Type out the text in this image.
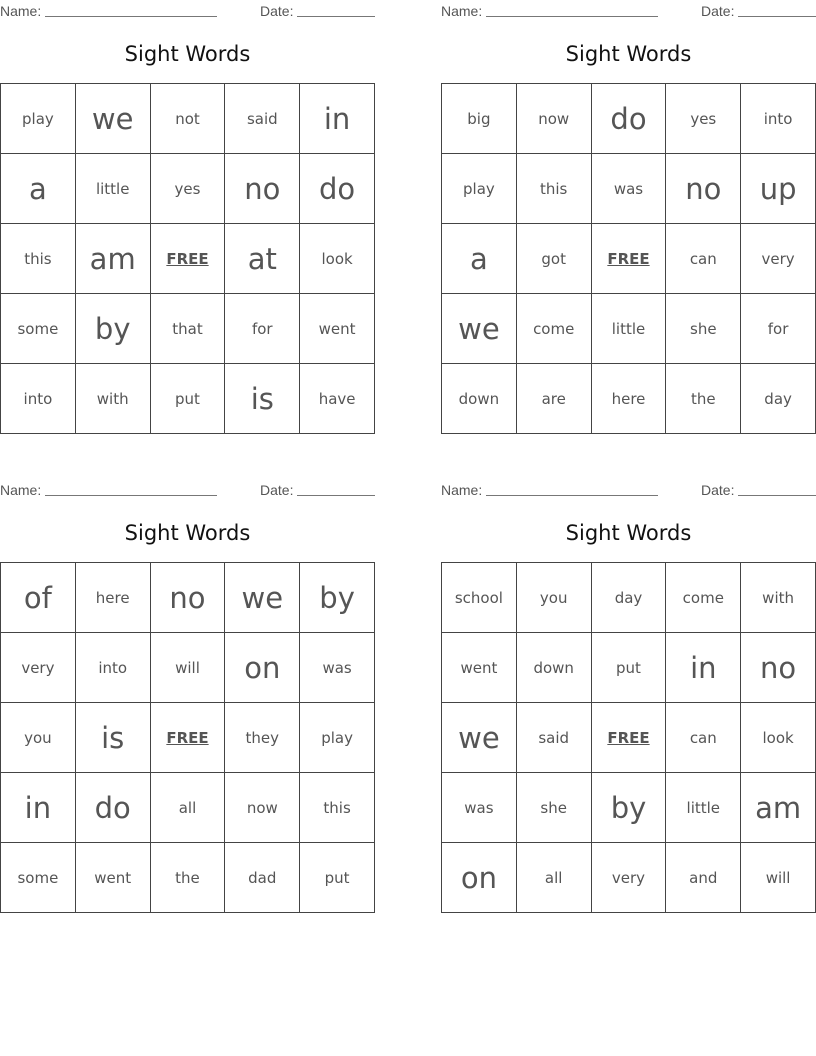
Name:	Date:
Sight Words
play	we	not	said	in
a	little	yes	no	do
this	am	FREE	at	look
some	by	that	for	went
into	with	put	is	have
Name:	Date:
Sight Words
big	now	do	yes	into
play	this	was	no	up
a	got	FREE	can	very
we	come	little	she	for
down	are	here	the	day
Name:	Date:
Sight Words
of	here	no	we	by
very	into	will	on	was
you	is	FREE	they	play
in	do	all	now	this
some	went	the	dad	put
Name:	Date:
Sight Words
school	you	day	come	with
went	down	put	in	no
we	said	FREE	can	look
was	she	by	little	am
on	all	very	and	will
